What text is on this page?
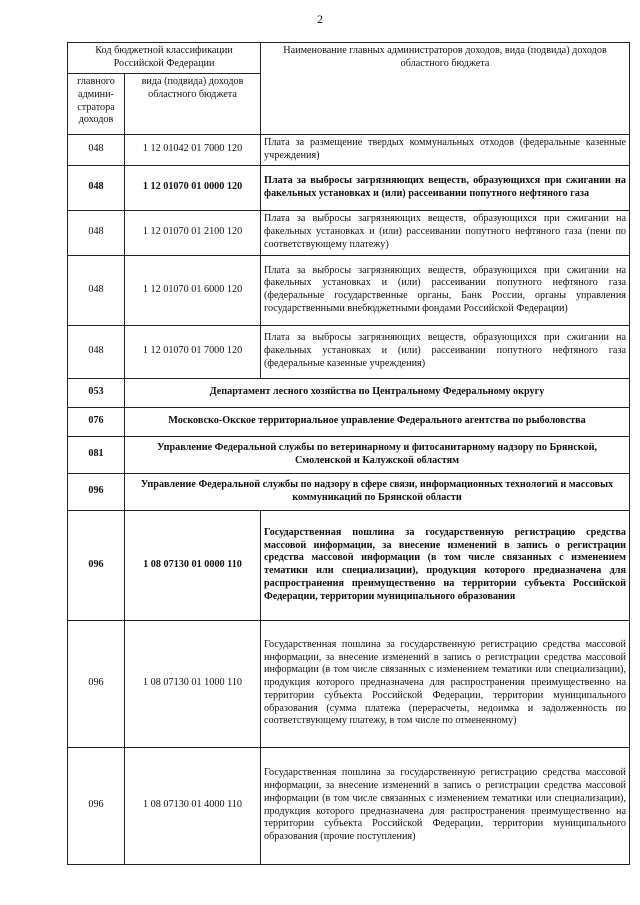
2
Код бюджетной классификации Российской Федерации		Наименование главных администраторов доходов, вида (подвида) доходов областного бюджета
главного админи-стратора доходов	вида (подвида) доходов областного бюджета	
048	1 12 01042 01 7000 120	Плата за размещение твердых коммунальных отходов (федеральные казенные учреждения)
048	1 12 01070 01 0000 120	Плата за выбросы загрязняющих веществ, образующихся при сжигании на факельных установках и (или) рассеивании попутного нефтяного газа
048	1 12 01070 01 2100 120	Плата за выбросы загрязняющих веществ, образующихся при сжигании на факельных установках и (или) рассеивании попутного нефтяного газа (пени по соответствующему платежу)
048	1 12 01070 01 6000 120	Плата за выбросы загрязняющих веществ, образующихся при сжигании на факельных установках и (или) рассеивании попутного нефтяного газа (федеральные государственные органы, Банк России, органы управления государственными внебюджетными фондами Российской Федерации)
048	1 12 01070 01 7000 120	Плата за выбросы загрязняющих веществ, образующихся при сжигании на факельных установках и (или) рассеивании попутного нефтяного газа (федеральные казенные учреждения)
053	Департамент лесного хозяйства по Центральному Федеральному округу	
076	Московско-Окское территориальное управление Федерального агентства по рыболовства	
081	Управление Федеральной службы по ветеринарному и фитосанитарному надзору по Брянской, Смоленской и Калужской областям	
096	Управление Федеральной службы по надзору в сфере связи, информационных технологий и массовых коммуникаций по Брянской области	
096	1 08 07130 01 0000 110	Государственная пошлина за государственную регистрацию средства массовой информации, за внесение изменений в запись о регистрации средства массовой информации (в том числе связанных с изменением тематики или специализации), продукция которого предназначена для распространения преимущественно на территории субъекта Российской Федерации, территории муниципального образования
096	1 08 07130 01 1000 110	Государственная пошлина за государственную регистрацию средства массовой информации, за внесение изменений в запись о регистрации средства массовой информации (в том числе связанных с изменением тематики или специализации), продукция которого предназначена для распространения преимущественно на территории субъекта Российской Федерации, территории муниципального образования (сумма платежа (перерасчеты, недоимка и задолженность по соответствующему платежу, в том числе по отмененному)
096	1 08 07130 01 4000 110	Государственная пошлина за государственную регистрацию средства массовой информации, за внесение изменений в запись о регистрации средства массовой информации (в том числе связанных с изменением тематики или специализации), продукция которого предназначена для распространения преимущественно на территории субъекта Российской Федерации, территории муниципального образования (прочие поступления)
